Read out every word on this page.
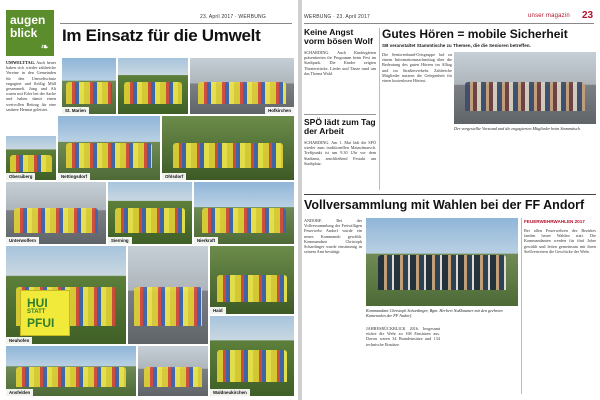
23. April 2017 · WERBUNG
augen
blick
❧
Im Einsatz für die Umwelt
UMWELTTAG. Auch heuer haben sich wieder zahlreiche Vereine in den Gemeinden für den Umweltschutz engagiert und fleißig Müll gesammelt. Jung und Alt waren mit Eifer bei der Sache und haben damit einen wertvollen Beitrag für eine saubere Heimat geleistet.	St. Marien	Hofkirchen
Oberaiberg	Nettingsdorf	Ohlsdorf
Unterwolfern	Sierning	Nierkraft
Neuhofen
Haid
HUI
STATT
PFUI
Ansfelden	Waldneukirchen
WERBUNG · 23. April 2017	unser magazin 23
Keine Angst vorm bösen Wolf
SCHARDING. Auch Kindergärten präsentierten ihr Programm beim Fest im Stadtpark. Die Kinder zeigten Theaterstücke, Lieder und Tänze rund um das Thema Wald.
SPÖ lädt zum Tag der Arbeit
SCHARDING. Am 1. Mai lädt die SPÖ wieder zum traditionellen Maiaufmarsch. Treffpunkt ist um 9.30 Uhr vor dem Stadtamt, anschließend Festakt am Stadtplatz.
Gutes Hören = mobile Sicherheit
SB veranstaltet Stammtische zu Themen, die die Senioren betreffen.
Die Seniorenbund-Ortsgruppe lud zu einem Informationsnachmittag über die Bedeutung des guten Hörens im Alltag und im Straßenverkehr. Zahlreiche Mitglieder nutzten die Gelegenheit für einen kostenlosen Hörtest.
Der vorgestellte Vorstand und die engagierten Mitglieder beim Stammtisch.
Vollversammlung mit Wahlen bei der FF Andorf
ANDORF. Bei der Vollversammlung der Freiwilligen Feuerwehr Andorf wurde ein neues Kommando gewählt. Kommandant Christoph Schardinger wurde einstimmig in seinem Amt bestätigt.
Kommandant Christoph Schardinger, Bgm. Herbert Nußbaumer mit den geehrten Kameraden der FF Andorf.
JAHRESRÜCKBLICK 2016. Insgesamt rückte die Wehr zu 168 Einsätzen aus. Davon waren 34 Brandeinsätze und 134 technische Einsätze.
FEUERWEHRWAHLEN 2017
Bei allen Feuerwehren des Bezirkes fanden heuer Wahlen statt. Die Kommandanten werden für fünf Jahre gewählt und leiten gemeinsam mit ihren Stellvertretern die Geschicke der Wehr.
